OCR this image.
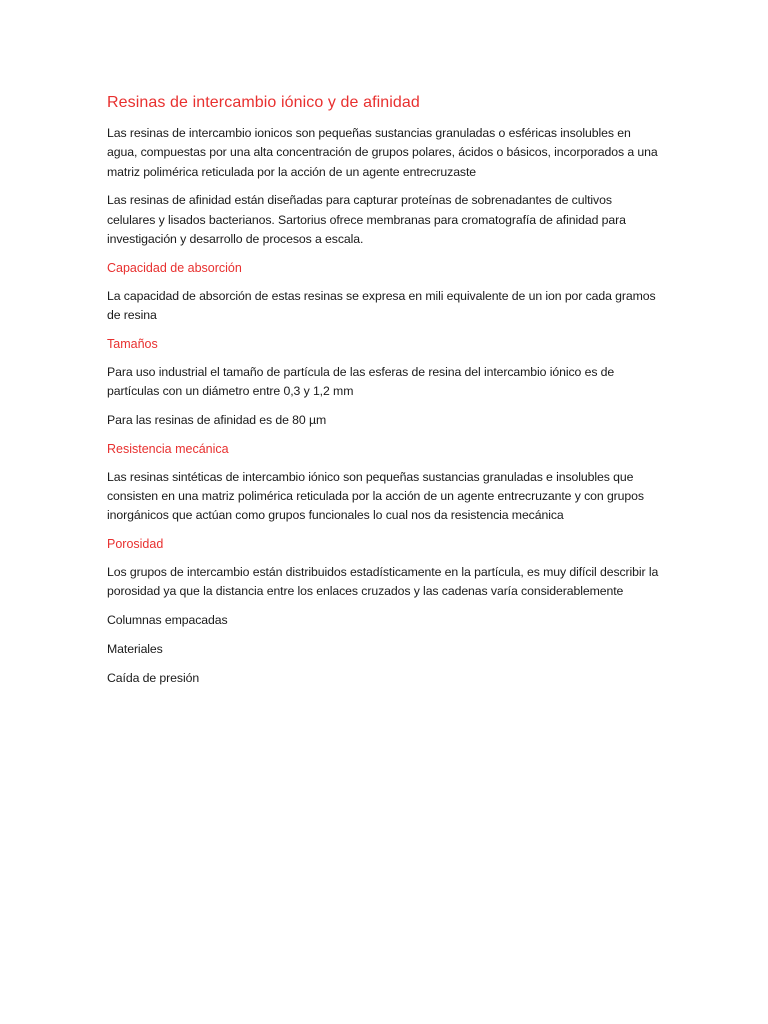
Resinas de intercambio iónico y de afinidad

Las resinas de intercambio ionicos son pequeñas sustancias granuladas o esféricas insolubles en agua, compuestas por una alta concentración de grupos polares, ácidos o básicos, incorporados a una matriz polimérica reticulada por la acción de un agente entrecruzaste

Las resinas de afinidad están diseñadas para capturar proteínas de sobrenadantes de cultivos celulares y lisados bacterianos. Sartorius ofrece membranas para cromatografía de afinidad para investigación y desarrollo de procesos a escala.

Capacidad de absorción

La capacidad de absorción de estas resinas se expresa en mili equivalente de un ion por cada gramos de resina

Tamaños

Para uso industrial el tamaño de partícula de las esferas de resina del intercambio iónico es de partículas con un diámetro entre 0,3 y 1,2 mm

Para las resinas de afinidad es de 80 µm

Resistencia mecánica

Las resinas sintéticas de intercambio iónico son pequeñas sustancias granuladas e insolubles que consisten en una matriz polimérica reticulada por la acción de un agente entrecruzante y con grupos inorgánicos que actúan como grupos funcionales lo cual nos da resistencia mecánica

Porosidad

Los grupos de intercambio están distribuidos estadísticamente en la partícula, es muy difícil describir la porosidad ya que la distancia entre los enlaces cruzados y las cadenas varía considerablemente

Columnas empacadas

Materiales

Caída de presión
